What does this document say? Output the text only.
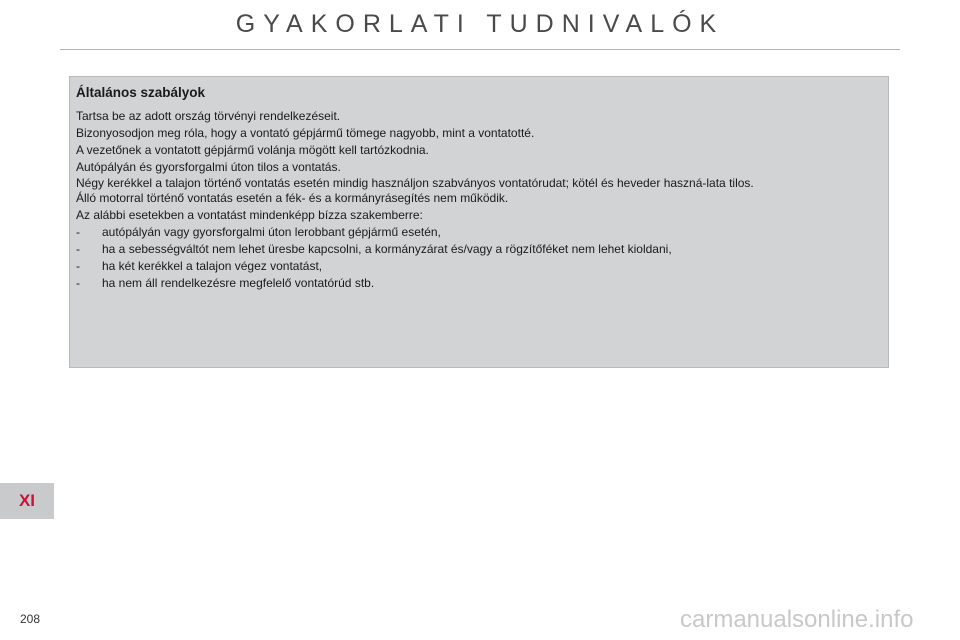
GYAKORLATI TUDNIVALÓK
Általános szabályok

Tartsa be az adott ország törvényi rendelkezéseit.

Bizonyosodjon meg róla, hogy a vontató gépjármű tömege nagyobb, mint a vontatotté.

A vezetőnek a vontatott gépjármű volánja mögött kell tartózkodnia.

Autópályán és gyorsforgalmi úton tilos a vontatás.

Négy kerékkel a talajon történő vontatás esetén mindig használjon szabványos vontatórudat; kötél és heveder haszná-lata tilos.

Álló motorral történő vontatás esetén a fék- és a kormányrásegítés nem működik.

Az alábbi esetekben a vontatást mindenképp bízza szakemberre:

-	autópályán vagy gyorsforgalmi úton lerobbant gépjármű esetén,
-	ha a sebességváltót nem lehet üresbe kapcsolni, a kormányzárat és/vagy a rögzítőféket nem lehet kioldani,
-	ha két kerékkel a talajon végez vontatást,
-	ha nem áll rendelkezésre megfelelő vontatórúd stb.
XI
208	carmanualsonline.info
